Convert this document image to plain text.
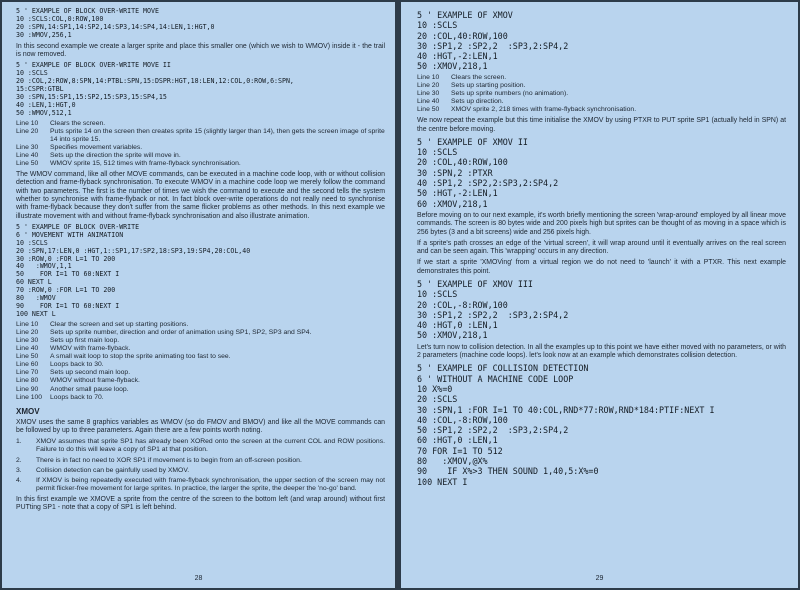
5 ' EXAMPLE OF BLOCK OVER-WRITE MOVE
10 :SCLS:COL,0:ROW,100
20 :SPN,14:SP1,14:SP2,14:SP3,14:SP4,14:LEN,1:HGT,0
30 :WMOV,256,1

In this second example we create a larger sprite and place this smaller one (which we wish to WMOV) inside it - the trail is now removed.

5 ' EXAMPLE OF BLOCK OVER-WRITE MOVE II
10 :SCLS
20 :COL,2:ROW,8:SPN,14:PTBL:SPN,15:DSPR:HGT,18:LEN,12:COL,0:ROW,6:SPN,
15:CSPR:GTBL
30 :SPN,15:SP1,15:SP2,15:SP3,15:SP4,15
40 :LEN,1:HGT,0
50 :WMOV,512,1
Line 10	Clears the screen.
Line 20	Puts sprite 14 on the screen then creates sprite 15 (slightly larger than 14), then gets the screen image of sprite 14 into sprite 15.
Line 30	Specifies movement variables.
Line 40	Sets up the direction the sprite will move in.
Line 50	WMOV sprite 15, 512 times with frame-flyback synchronisation.

The WMOV command, like all other MOVE commands, can be executed in a machine code loop, with or without collision detection and frame-flyback synchronisation. To execute WMOV in a machine code loop we merely follow the command with two parameters. The first is the number of times we wish the command to execute and the second tells the system whether to synchronise with frame-flyback or not. In fact block over-write operations do not really need to synchronise with frame-flyback because they don't suffer from the same flicker problems as other methods. In this next example we illustrate movement with and without frame-flyback synchronisation and also illustrate animation.

5 ' EXAMPLE OF BLOCK OVER-WRITE
6 ' MOVEMENT WITH ANIMATION
10 :SCLS
20 :SPN,17:LEN,0 :HGT,1::SP1,17:SP2,18:SP3,19:SP4,20:COL,40
30 :ROW,0 :FOR L=1 TO 200
40   :WMOV,1,1
50    FOR I=1 TO 60:NEXT I
60 NEXT L
70 :ROW,0 :FOR L=1 TO 200
80   :WMOV
90    FOR I=1 TO 60:NEXT I
100 NEXT L
Line 10	Clear the screen and set up starting positions.
Line 20	Sets up sprite number, direction and order of animation using SP1, SP2, SP3 and SP4.
Line 30	Sets up first main loop.
Line 40	WMOV with frame-flyback.
Line 50	A small wait loop to stop the sprite animating too fast to see.
Line 60	Loops back to 30.
Line 70	Sets up second main loop.
Line 80	WMOV without frame-flyback.
Line 90	Another small pause loop.
Line 100	Loops back to 70.
XMOV

XMOV uses the same 8 graphics variables as WMOV (so do FMOV and BMOV) and like all the MOVE commands can be followed by up to three parameters. Again there are a few points worth noting.

1.	XMOV assumes that sprite SP1 has already been XORed onto the screen at the current COL and ROW positions. Failure to do this will leave a copy of SP1 at that position.
2.	There is in fact no need to XOR SP1 if movement is to begin from an off-screen position.
3.	Collision detection can be gainfully used by XMOV.
4.	If XMOV is being repeatedly executed with frame-flyback synchronisation, the upper section of the screen may not permit flicker-free movement for large sprites. In practice, the larger the sprite, the deeper the 'no-go' band.

In this first example we XMOVE a sprite from the centre of the screen to the bottom left (and wrap around) without first PUTting SP1 - note that a copy of SP1 is left behind.

28
5 ' EXAMPLE OF XMOV
10 :SCLS
20 :COL,40:ROW,100
30 :SP1,2 :SP2,2  :SP3,2:SP4,2
40 :HGT,-2:LEN,1
50 :XMOV,218,1
Line 10	Clears the screen.
Line 20	Sets up starting position.
Line 30	Sets up sprite numbers (no animation).
Line 40	Sets up direction.
Line 50	XMOV sprite 2, 218 times with frame-flyback synchronisation.

We now repeat the example but this time initialise the XMOV by using PTXR to PUT sprite SP1 (actually held in SPN) at the centre before moving.

5 ' EXAMPLE OF XMOV II
10 :SCLS
20 :COL,40:ROW,100
30 :SPN,2 :PTXR
40 :SP1,2 :SP2,2:SP3,2:SP4,2
50 :HGT,-2:LEN,1
60 :XMOV,218,1

Before moving on to our next example, it's worth briefly mentioning the screen 'wrap-around' employed by all linear move commands. The screen is 80 bytes wide and 200 pixels high but sprites can be thought of as moving in a space which is 256 bytes (3 and a bit screens) wide and 256 pixels high.

If a sprite's path crosses an edge of the 'virtual screen', it will wrap around until it eventually arrives on the real screen and can be seen again. This 'wrapping' occurs in any direction.

If we start a sprite 'XMOVing' from a virtual region we do not need to 'launch' it with a PTXR. This next example demonstrates this point.

5 ' EXAMPLE OF XMOV III
10 :SCLS
20 :COL,-8:ROW,100
30 :SP1,2 :SP2,2  :SP3,2:SP4,2
40 :HGT,0 :LEN,1
50 :XMOV,218,1

Let's turn now to collision detection. In all the examples up to this point we have either moved with no parameters, or with 2 parameters (machine code loops). let's look now at an example which demonstrates collision detection.

5 ' EXAMPLE OF COLLISION DETECTION
6 ' WITHOUT A MACHINE CODE LOOP
10 X%=0
20 :SCLS
30 :SPN,1 :FOR I=1 TO 40:COL,RND*77:ROW,RND*184:PTIF:NEXT I
40 :COL,-8:ROW,100
50 :SP1,2 :SP2,2  :SP3,2:SP4,2
60 :HGT,0 :LEN,1
70 FOR I=1 TO 512
80   :XMOV,@X%
90    IF X%>3 THEN SOUND 1,40,5:X%=0
100 NEXT I
29
